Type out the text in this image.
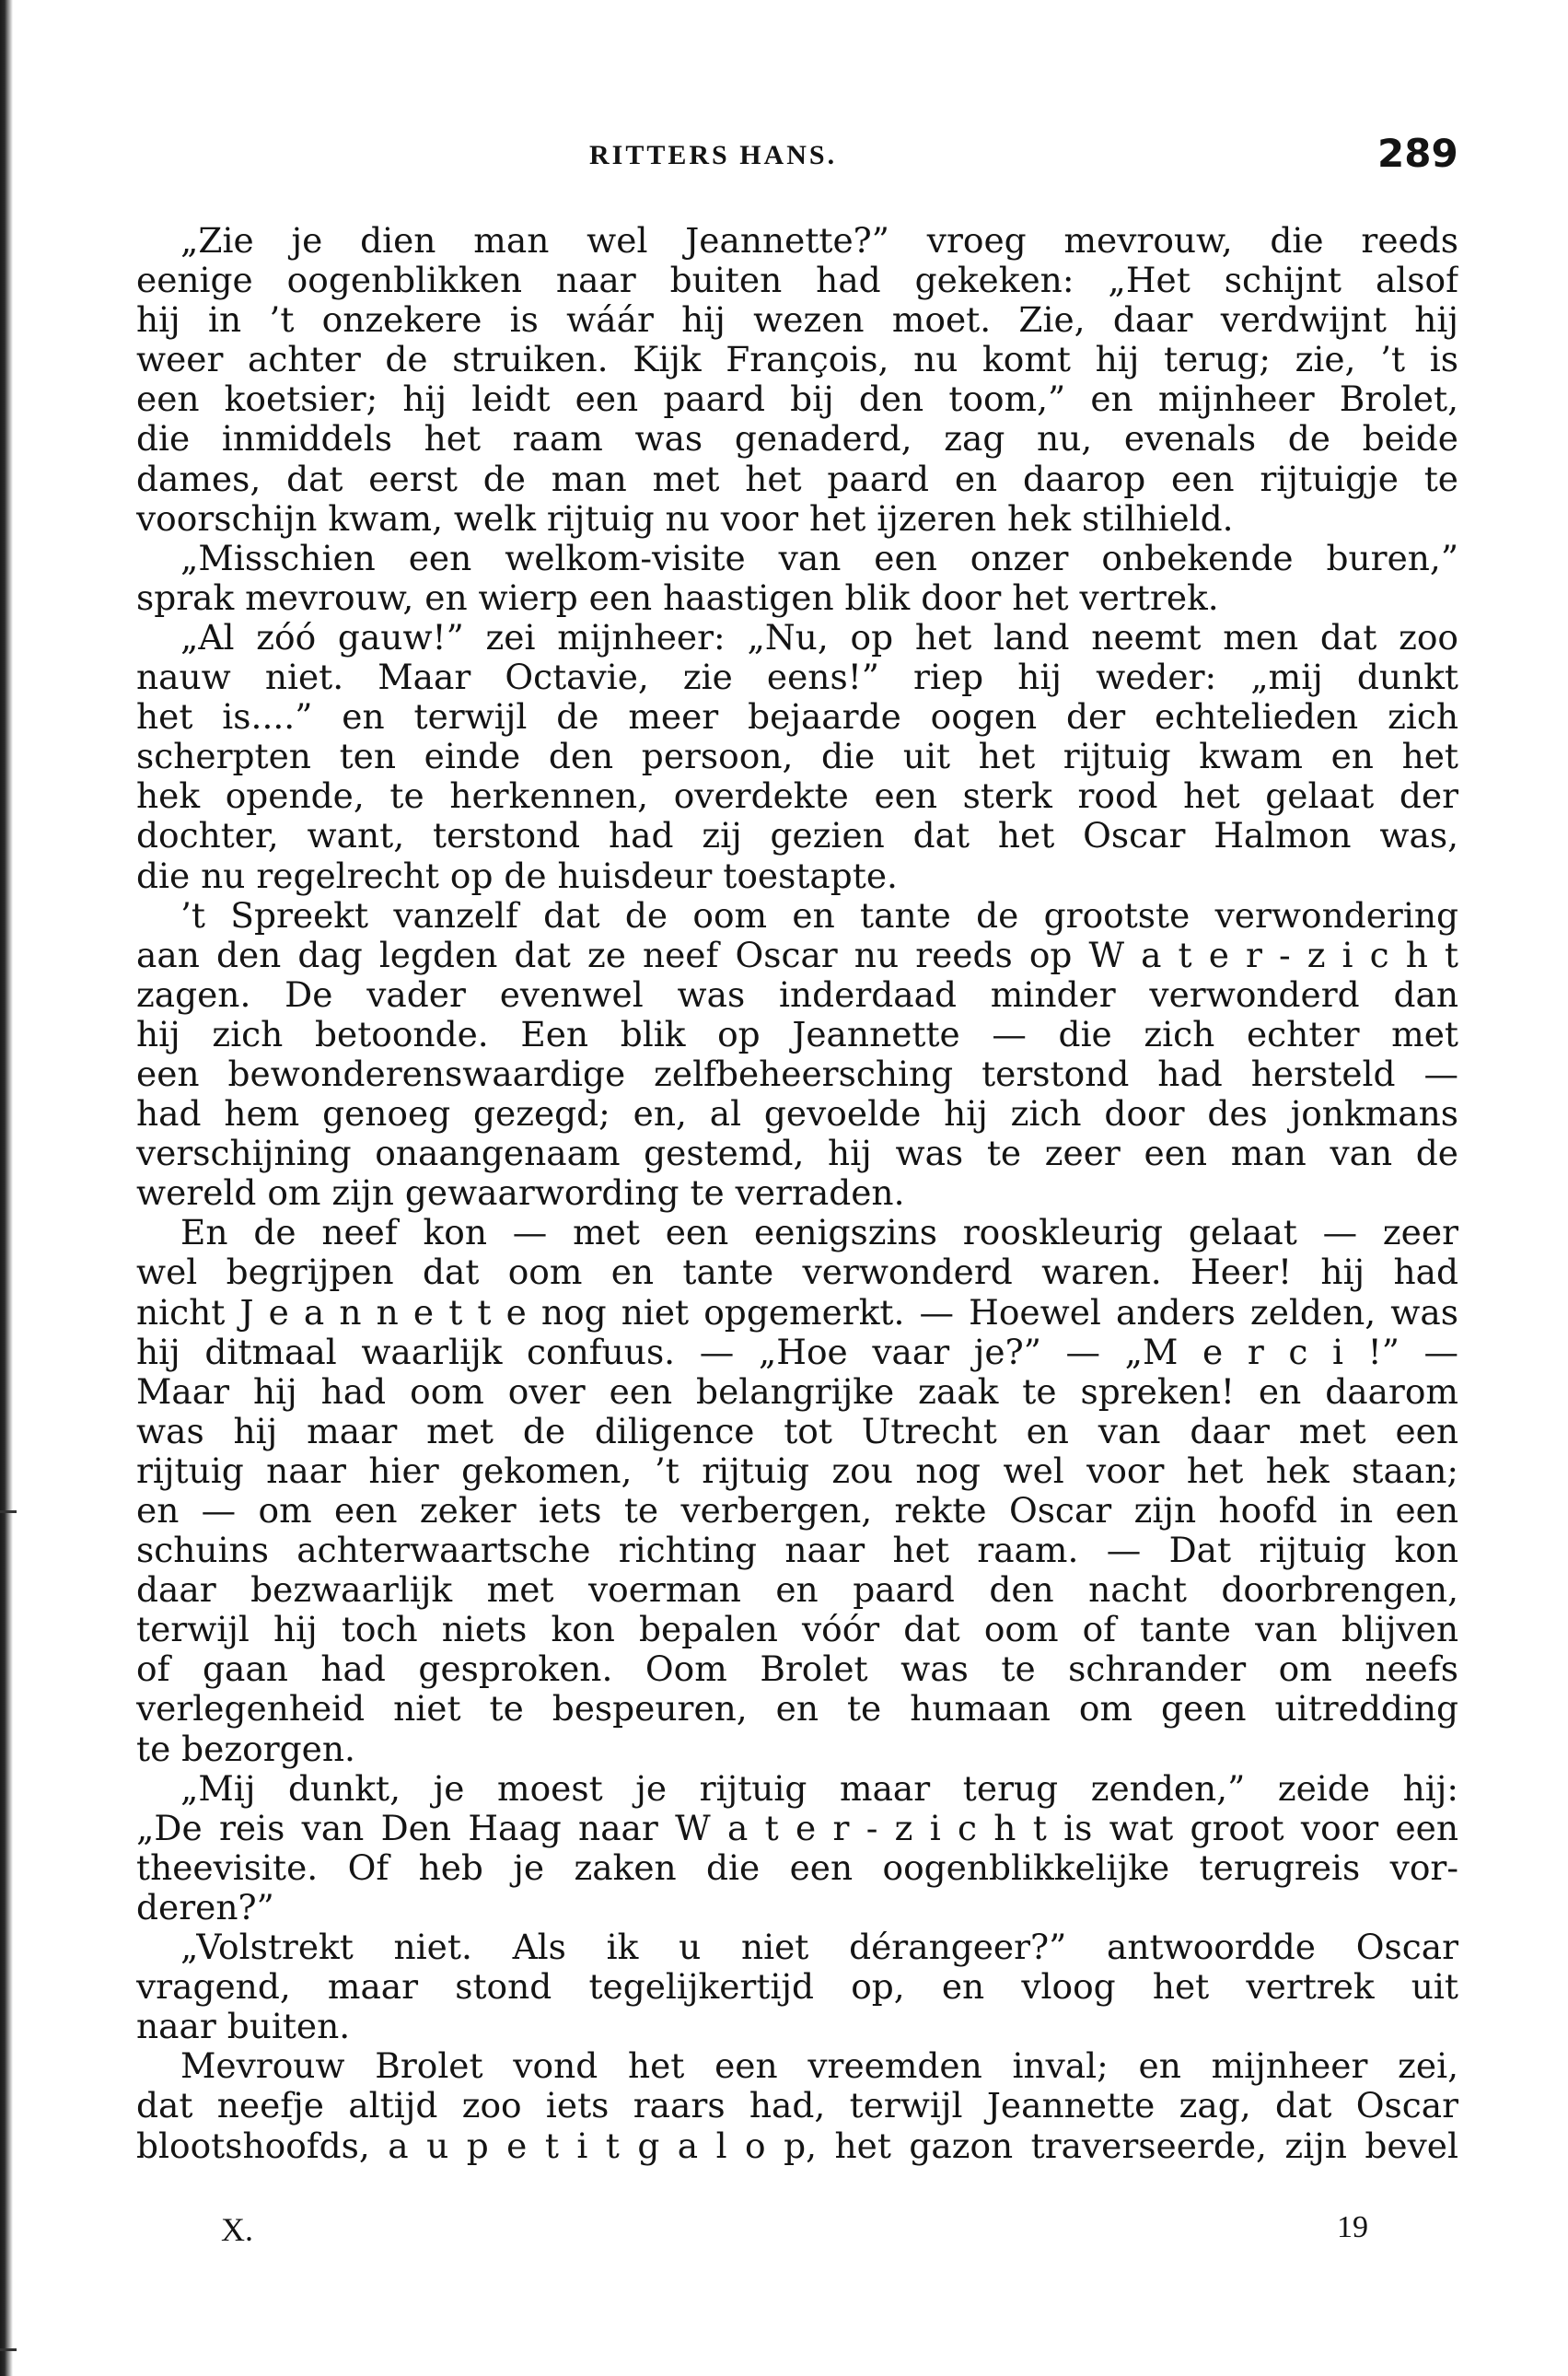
RITTERS HANS.	289
„Zie je dien man wel Jeannette?” vroeg mevrouw, die reeds
eenige oogenblikken naar buiten had gekeken: „Het schijnt alsof
hij in ’t onzekere is wáár hij wezen moet. Zie, daar verdwijnt hij
weer achter de struiken. Kijk François, nu komt hij terug; zie, ’t is
een koetsier; hij leidt een paard bij den toom,” en mijnheer Brolet,
die inmiddels het raam was genaderd, zag nu, evenals de beide
dames, dat eerst de man met het paard en daarop een rijtuigje te
voorschijn kwam, welk rijtuig nu voor het ijzeren hek stilhield.
„Misschien een welkom-visite van een onzer onbekende buren,”
sprak mevrouw, en wierp een haastigen blik door het vertrek.
„Al zóó gauw!” zei mijnheer: „Nu, op het land neemt men dat zoo
nauw niet. Maar Octavie, zie eens!” riep hij weder: „mij dunkt
het is....” en terwijl de meer bejaarde oogen der echtelieden zich
scherpten ten einde den persoon, die uit het rijtuig kwam en het
hek opende, te herkennen, overdekte een sterk rood het gelaat der
dochter, want, terstond had zij gezien dat het Oscar Halmon was,
die nu regelrecht op de huisdeur toestapte.
’t Spreekt vanzelf dat de oom en tante de grootste verwondering
aan den dag legden dat ze neef Oscar nu reeds op W a t e r - z i c h t
zagen. De vader evenwel was inderdaad minder verwonderd dan
hij zich betoonde. Een blik op Jeannette — die zich echter met
een bewonderenswaardige zelfbeheersching terstond had hersteld —
had hem genoeg gezegd; en, al gevoelde hij zich door des jonkmans
verschijning onaangenaam gestemd, hij was te zeer een man van de
wereld om zijn gewaarwording te verraden.
En de neef kon — met een eenigszins rooskleurig gelaat — zeer
wel begrijpen dat oom en tante verwonderd waren. Heer! hij had
nicht J e a n n e t t e nog niet opgemerkt. — Hoewel anders zelden, was
hij ditmaal waarlijk confuus. — „Hoe vaar je?” — „M e r c i !” —
Maar hij had oom over een belangrijke zaak te spreken! en daarom
was hij maar met de diligence tot Utrecht en van daar met een
rijtuig naar hier gekomen, ’t rijtuig zou nog wel voor het hek staan;
en — om een zeker iets te verbergen, rekte Oscar zijn hoofd in een
schuins achterwaartsche richting naar het raam. — Dat rijtuig kon
daar bezwaarlijk met voerman en paard den nacht doorbrengen,
terwijl hij toch niets kon bepalen vóór dat oom of tante van blijven
of gaan had gesproken. Oom Brolet was te schrander om neefs
verlegenheid niet te bespeuren, en te humaan om geen uitredding
te bezorgen.
„Mij dunkt, je moest je rijtuig maar terug zenden,” zeide hij:
„De reis van Den Haag naar W a t e r - z i c h t is wat groot voor een
theevisite. Of heb je zaken die een oogenblikkelijke terugreis vor-
deren?”
„Volstrekt niet. Als ik u niet dérangeer?” antwoordde Oscar
vragend, maar stond tegelijkertijd op, en vloog het vertrek uit
naar buiten.
Mevrouw Brolet vond het een vreemden inval; en mijnheer zei,
dat neefje altijd zoo iets raars had, terwijl Jeannette zag, dat Oscar
blootshoofds, a u p e t i t g a l o p, het gazon traverseerde, zijn bevel
X.	19
